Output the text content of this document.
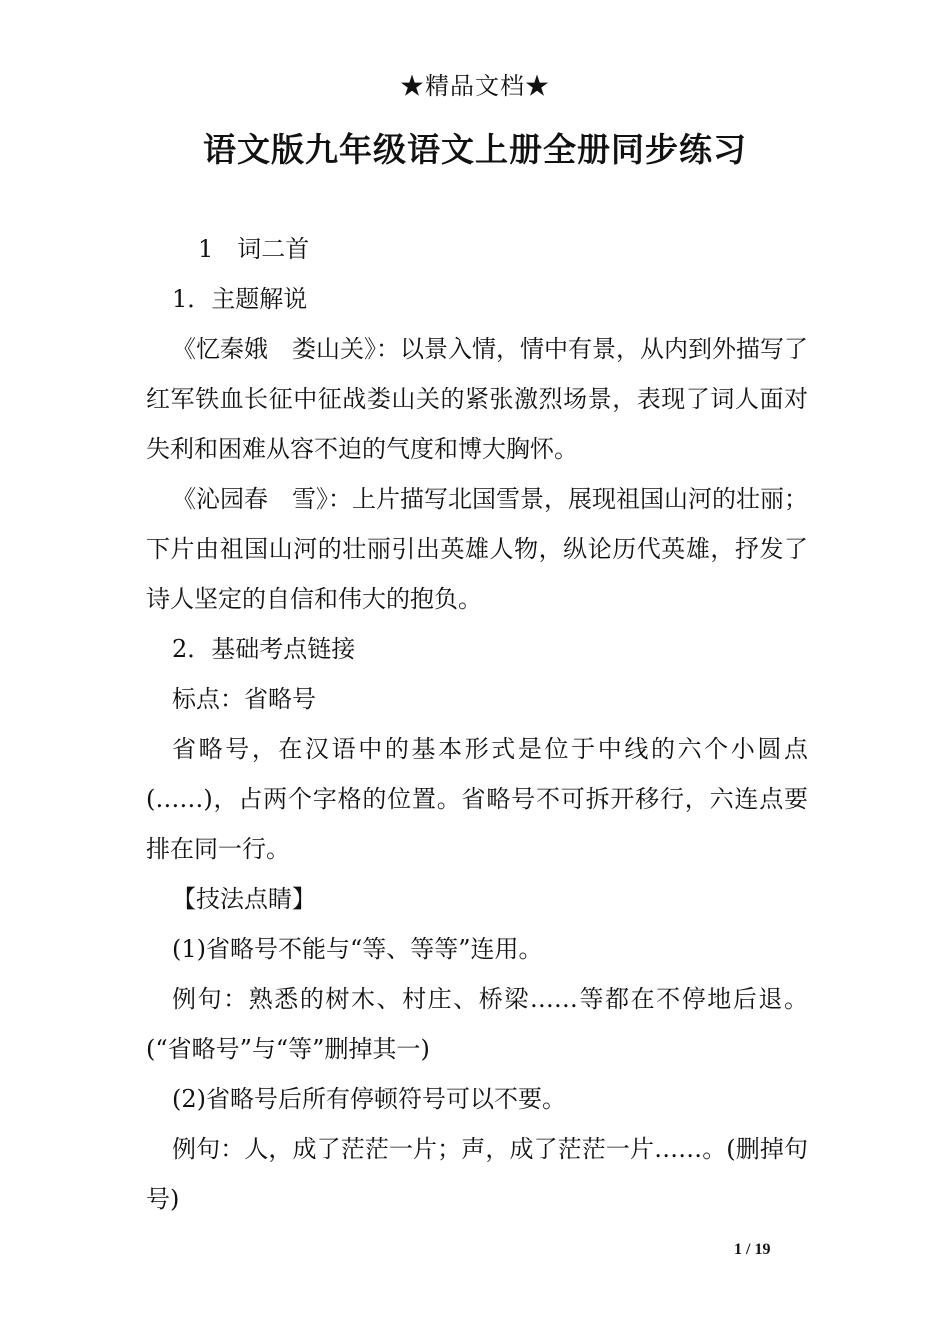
★精品文档★
语文版九年级语文上册全册同步练习

1　词二首

1．主题解说

《忆秦娥　娄山关》：以景入情，情中有景，从内到外描写了红军铁血长征中征战娄山关的紧张激烈场景，表现了词人面对失利和困难从容不迫的气度和博大胸怀。

《沁园春　雪》：上片描写北国雪景，展现祖国山河的壮丽；下片由祖国山河的壮丽引出英雄人物，纵论历代英雄，抒发了诗人坚定的自信和伟大的抱负。

2．基础考点链接

标点：省略号

省略号，在汉语中的基本形式是位于中线的六个小圆点(……)，占两个字格的位置。省略号不可拆开移行，六连点要排在同一行。

【技法点睛】

(1)省略号不能与“等、等等”连用。

例句：熟悉的树木、村庄、桥梁……等都在不停地后退。(“省略号”与“等”删掉其一)

(2)省略号后所有停顿符号可以不要。

例句：人，成了茫茫一片；声，成了茫茫一片……。(删掉句号)

1 / 19
